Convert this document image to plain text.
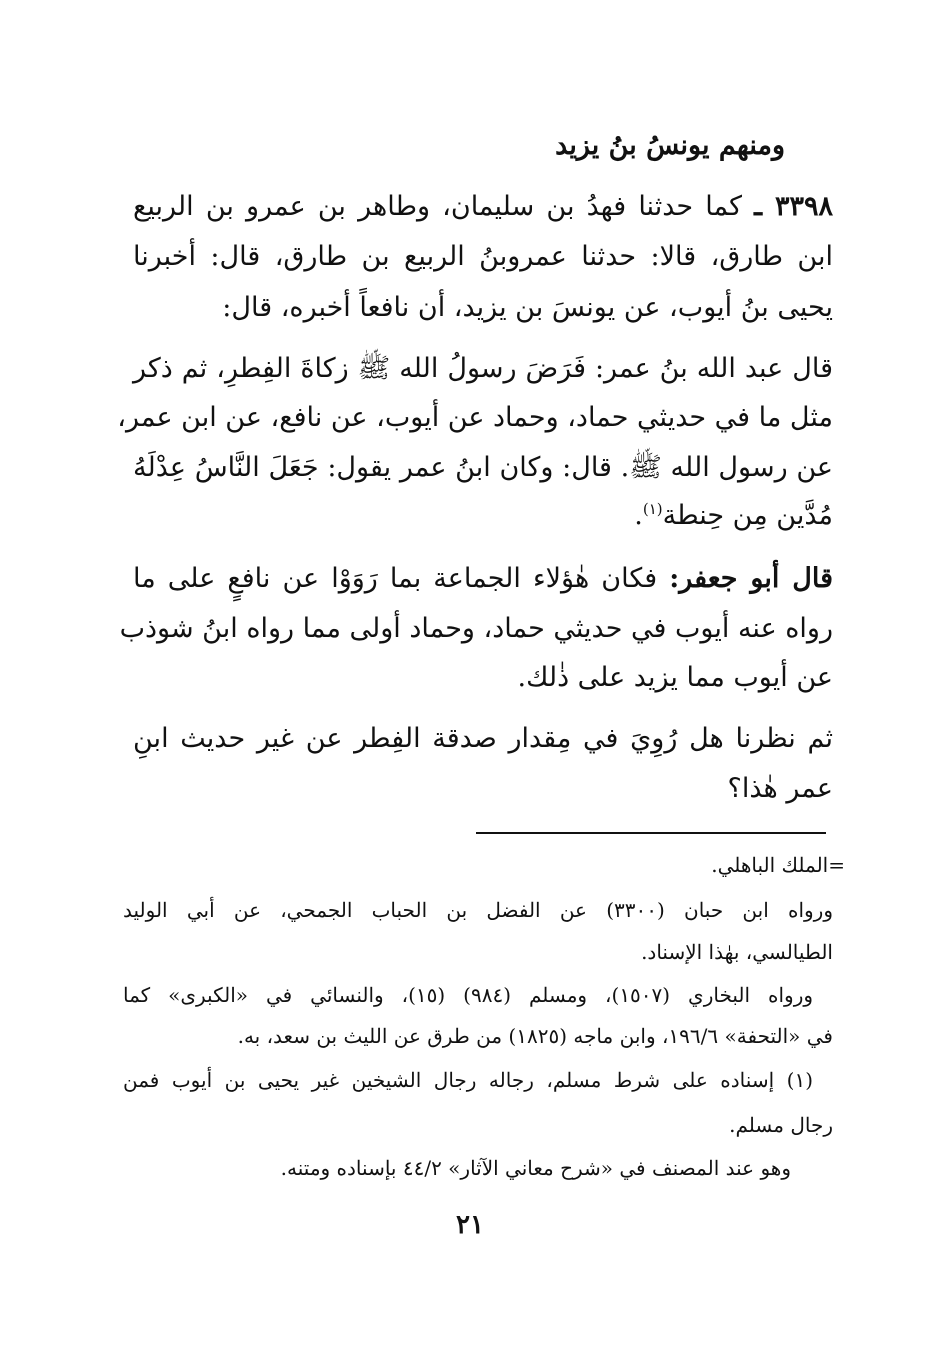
ومنهم يونسُ بنُ يزيد

٣٣٩٨ ـ كما حدثنا فهدُ بن سليمان، وطاهر بن عمرو بن الربيع

ابن طارق، قالا: حدثنا عمروبنُ الربيع بن طارق، قال: أخبرنا

يحيى بنُ أيوب، عن يونسَ بن يزيد، أن نافعاً أخبره، قال:

قال عبد الله بنُ عمر: فَرَضَ رسولُ الله ﷺ زكاةَ الفِطرِ، ثم ذكر

مثل ما في حديثي حماد، وحماد عن أيوب، عن نافع، عن ابن عمر،

عن رسول الله ﷺ. قال: وكان ابنُ عمر يقول: جَعَلَ النَّاسُ عِدْلَهُ

مُدَّين مِن حِنطة$^{(١)}$.

قال أبو جعفر: فكان هٰؤلاء الجماعة بما رَوَوْا عن نافعٍ على ما

رواه عنه أيوب في حديثي حماد، وحماد أولى مما رواه ابنُ شوذب

عن أيوب مما يزيد على ذٰلك.

ثم نظرنا هل رُوِيَ في مِقدار صدقة الفِطر عن غير حديث ابنِ

عمر هٰذا؟

=الملك الباهلي.

ورواه ابن حبان (٣٣٠٠) عن الفضل بن الحباب الجمحي، عن أبي الوليد

الطيالسي، بهٰذا الإسناد.

ورواه البخاري (١٥٠٧)، ومسلم (٩٨٤) (١٥)، والنسائي في «الكبرى» كما

في «التحفة» ١٩٦/٦، وابن ماجه (١٨٢٥) من طرق عن الليث بن سعد، به.

(١) إسناده على شرط مسلم، رجاله رجال الشيخين غير يحيى بن أيوب فمن

رجال مسلم.

وهو عند المصنف في «شرح معاني الآثار» ٤٤/٢ بإسناده ومتنه.

٢١
